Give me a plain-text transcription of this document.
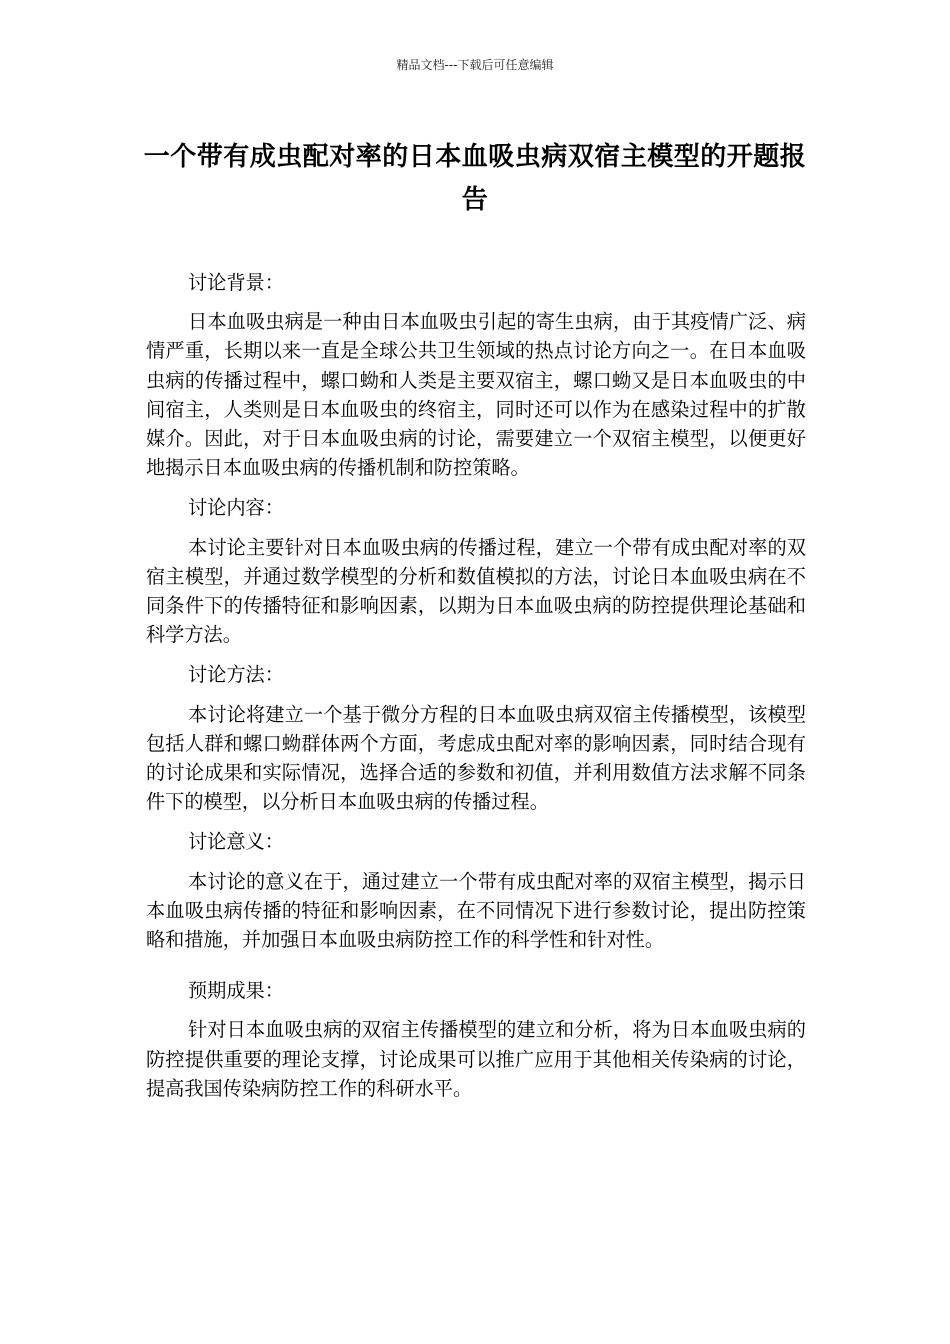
精品文档---下载后可任意编辑
一个带有成虫配对率的日本血吸虫病双宿主模型的开题报告

讨论背景：

日本血吸虫病是一种由日本血吸虫引起的寄生虫病，由于其疫情广泛、病情严重，长期以来一直是全球公共卫生领域的热点讨论方向之一。在日本血吸虫病的传播过程中，螺口蚴和人类是主要双宿主，螺口蚴又是日本血吸虫的中间宿主，人类则是日本血吸虫的终宿主，同时还可以作为在感染过程中的扩散媒介。因此，对于日本血吸虫病的讨论，需要建立一个双宿主模型，以便更好地揭示日本血吸虫病的传播机制和防控策略。

讨论内容：

本讨论主要针对日本血吸虫病的传播过程，建立一个带有成虫配对率的双宿主模型，并通过数学模型的分析和数值模拟的方法，讨论日本血吸虫病在不同条件下的传播特征和影响因素，以期为日本血吸虫病的防控提供理论基础和科学方法。

讨论方法：

本讨论将建立一个基于微分方程的日本血吸虫病双宿主传播模型，该模型包括人群和螺口蚴群体两个方面，考虑成虫配对率的影响因素，同时结合现有的讨论成果和实际情况，选择合适的参数和初值，并利用数值方法求解不同条件下的模型，以分析日本血吸虫病的传播过程。

讨论意义：

本讨论的意义在于，通过建立一个带有成虫配对率的双宿主模型，揭示日本血吸虫病传播的特征和影响因素，在不同情况下进行参数讨论，提出防控策略和措施，并加强日本血吸虫病防控工作的科学性和针对性。

预期成果：

针对日本血吸虫病的双宿主传播模型的建立和分析，将为日本血吸虫病的防控提供重要的理论支撑，讨论成果可以推广应用于其他相关传染病的讨论，提高我国传染病防控工作的科研水平。
